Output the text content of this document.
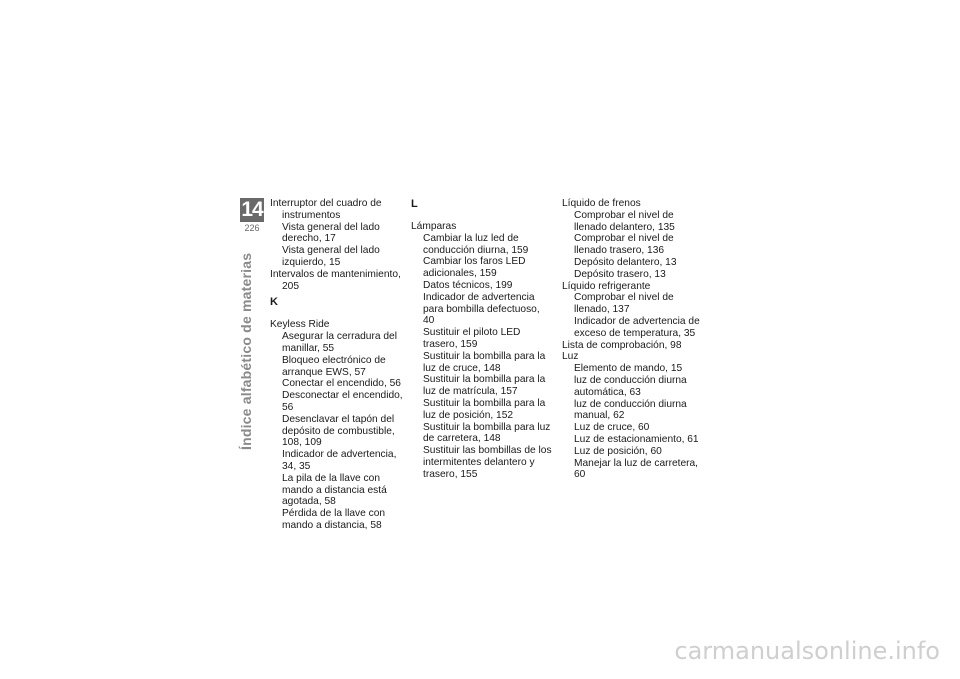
14
226
Índice alfabético de materias

Interruptor del cuadro de instrumentos

Vista general del lado derecho, 17

Vista general del lado izquierdo, 15

Intervalos de mantenimiento, 205

K

Keyless Ride

Asegurar la cerradura del manillar, 55

Bloqueo electrónico de arranque EWS, 57

Conectar el encendido, 56

Desconectar el encendido, 56

Desenclavar el tapón del depósito de combustible, 108, 109

Indicador de advertencia, 34, 35

La pila de la llave con mando a distancia está agotada, 58

Pérdida de la llave con mando a distancia, 58

L

Lámparas

Cambiar la luz led de conducción diurna, 159

Cambiar los faros LED adicionales, 159

Datos técnicos, 199

Indicador de advertencia para bombilla defectuoso, 40

Sustituir el piloto LED trasero, 159

Sustituir la bombilla para la luz de cruce, 148

Sustituir la bombilla para la luz de matrícula, 157

Sustituir la bombilla para la luz de posición, 152

Sustituir la bombilla para luz de carretera, 148

Sustituir las bombillas de los intermitentes delantero y trasero, 155

Líquido de frenos

Comprobar el nivel de llenado delantero, 135

Comprobar el nivel de llenado trasero, 136

Depósito delantero, 13

Depósito trasero, 13

Líquido refrigerante

Comprobar el nivel de llenado, 137

Indicador de advertencia de exceso de temperatura, 35

Lista de comprobación, 98

Luz

Elemento de mando, 15

luz de conducción diurna automática, 63

luz de conducción diurna manual, 62

Luz de cruce, 60

Luz de estacionamiento, 61

Luz de posición, 60

Manejar la luz de carretera, 60

carmanualsonline.info
